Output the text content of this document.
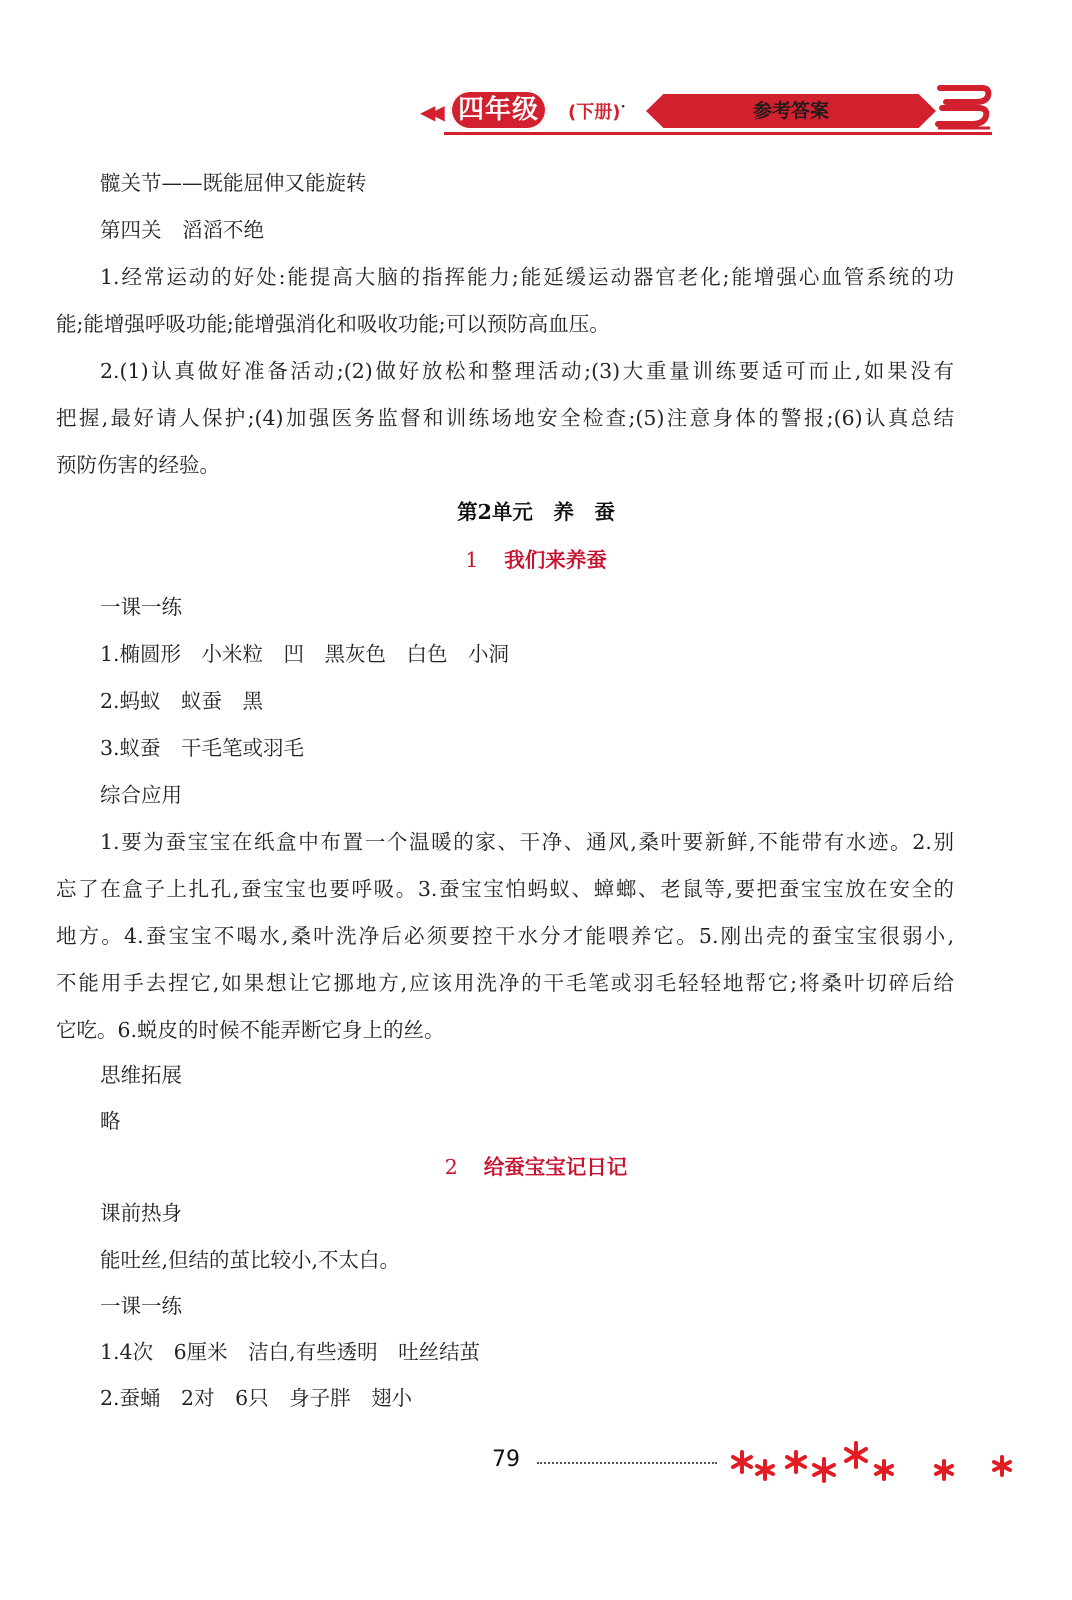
◀◀ 四年级	(下册) ·	参考答案
髋关节——既能屈伸又能旋转
第四关　滔滔不绝
1.经常运动的好处:能提高大脑的指挥能力;能延缓运动器官老化;能增强心血管系统的功
能;能增强呼吸功能;能增强消化和吸收功能;可以预防高血压。
2.(1)认真做好准备活动;(2)做好放松和整理活动;(3)大重量训练要适可而止,如果没有
把握,最好请人保护;(4)加强医务监督和训练场地安全检查;(5)注意身体的警报;(6)认真总结
预防伤害的经验。
第2单元　养　蚕
1 我们来养蚕
一课一练
1.椭圆形　小米粒　凹　黑灰色　白色　小洞
2.蚂蚁　蚁蚕　黑
3.蚁蚕　干毛笔或羽毛
综合应用
1.要为蚕宝宝在纸盒中布置一个温暖的家、干净、通风,桑叶要新鲜,不能带有水迹。2.别
忘了在盒子上扎孔,蚕宝宝也要呼吸。3.蚕宝宝怕蚂蚁、蟑螂、老鼠等,要把蚕宝宝放在安全的
地方。4.蚕宝宝不喝水,桑叶洗净后必须要控干水分才能喂养它。5.刚出壳的蚕宝宝很弱小,
不能用手去捏它,如果想让它挪地方,应该用洗净的干毛笔或羽毛轻轻地帮它;将桑叶切碎后给
它吃。6.蜕皮的时候不能弄断它身上的丝。
思维拓展
略
2 给蚕宝宝记日记
课前热身
能吐丝,但结的茧比较小,不太白。
一课一练
1.4次　6厘米　洁白,有些透明　吐丝结茧
2.蚕蛹　2对　6只　身子胖　翅小
79
